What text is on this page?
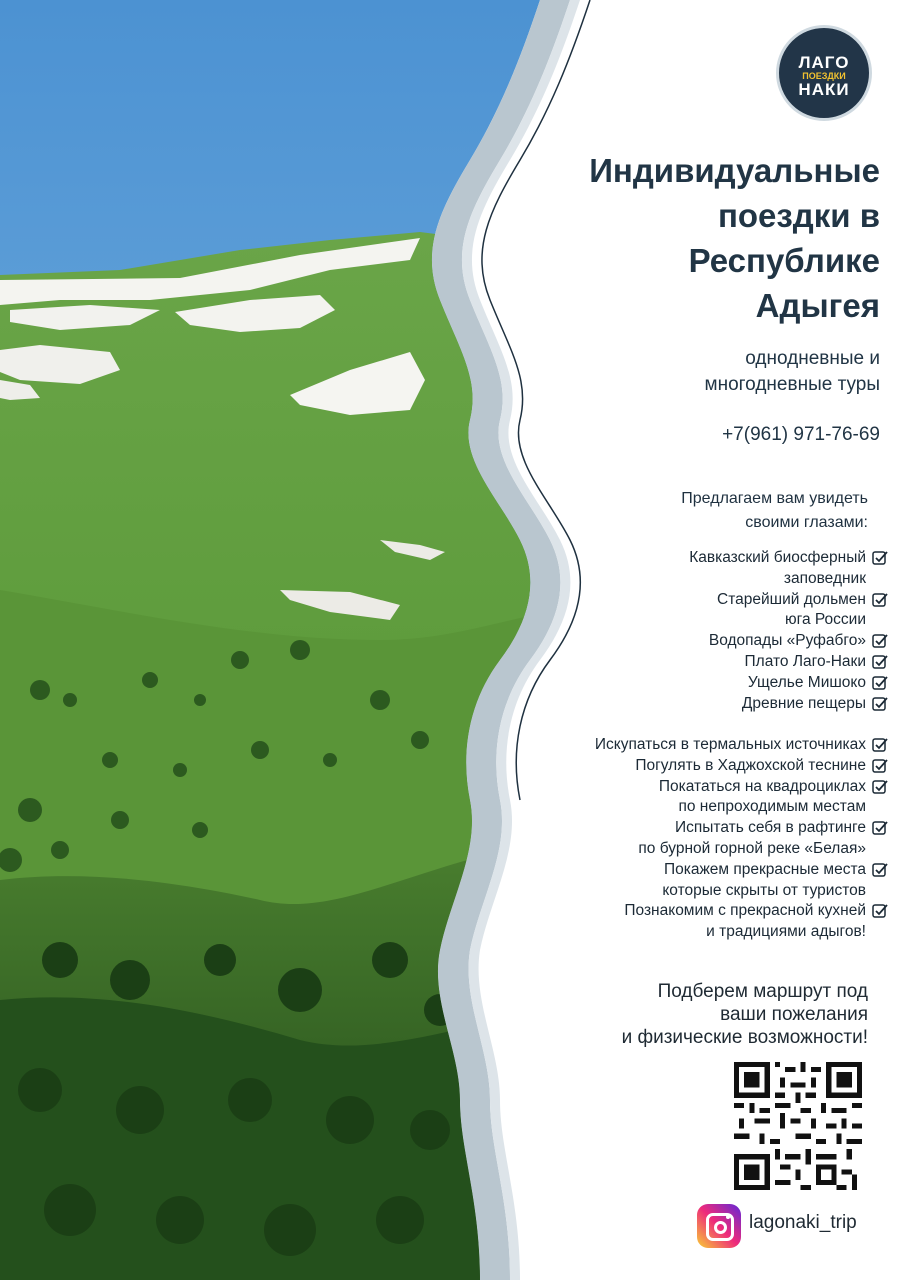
ЛАГО
ПОЕЗДКИ
НАКИ
Индивидуальные
поездки в
Республике
Адыгея
однодневные и
многодневные туры
+7(961) 971-76-69
Предлагаем вам увидеть
своими глазами:
Кавказский биосферный
заповедник
Старейший дольмен
юга России
Водопады «Руфабго»
Плато Лаго-Наки
Ущелье Мишоко
Древние пещеры
Искупаться в термальных источниках
Погулять в Хаджохской теснине
Покататься на квадроциклах
по непроходимым местам
Испытать себя в рафтинге
по бурной горной реке «Белая»
Покажем прекрасные места
которые скрыты от туристов
Познакомим с прекрасной кухней
и традициями адыгов!
Подберем маршрут под
ваши пожелания
и физические возможности!
lagonaki_trip
